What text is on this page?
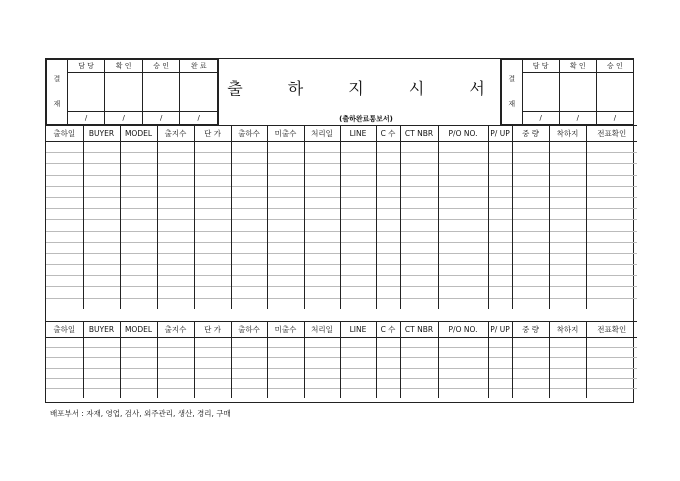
결

재	담 당	확 인	승 인	완 료

	/	/	/	/
출 하 지 시 서
(출하완료통보서)
결

재	담 당	확 인	승 인

	/	/	/
출하일	BUYER	MODEL	출지수	단 가	출하수	미출수	처리일	LINE	C 수	CT NBR	P/O NO.	P/ UP	중 량	착하지	전표확인

출하일	BUYER	MODEL	출지수	단 가	출하수	미출수	처리일	LINE	C 수	CT NBR	P/O NO.	P/ UP	중 량	착하지	전표확인

배포부서 : 자재, 영업, 검사, 외주관리, 생산, 경리, 구매
